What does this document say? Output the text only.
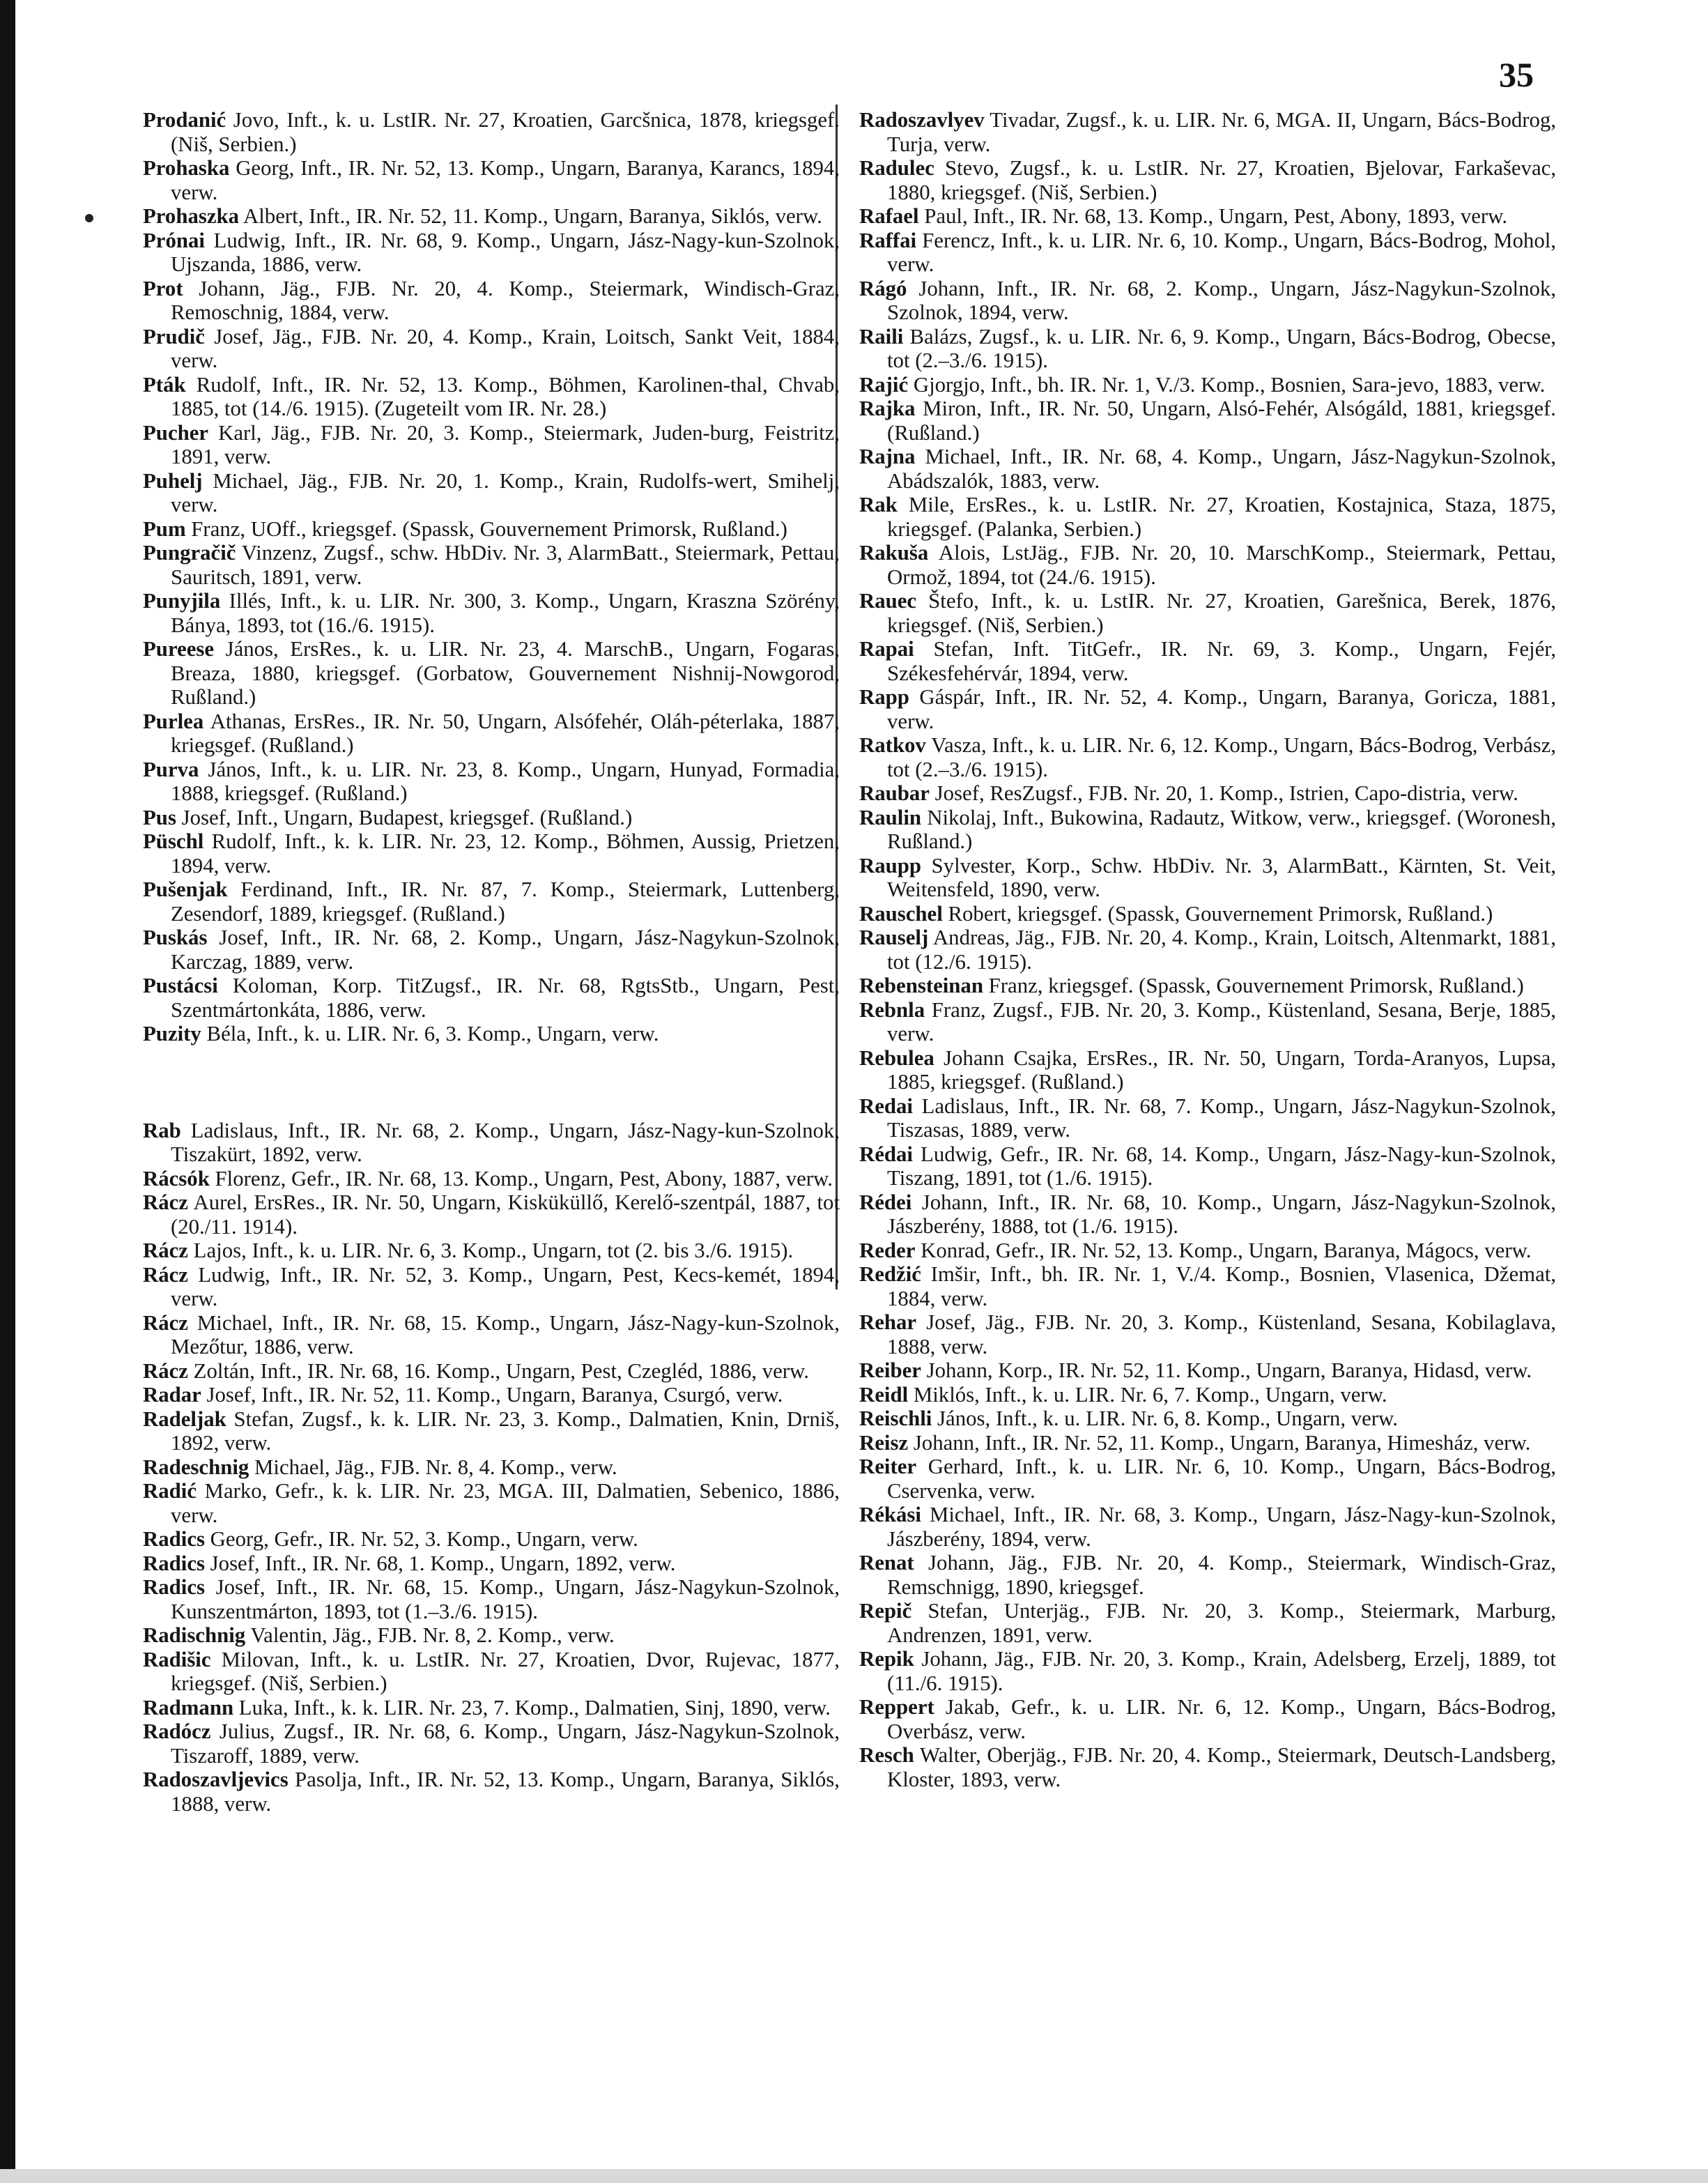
35
Prodanić Jovo, Inft., k. u. LstIR. Nr. 27, Kroatien, Garcšnica, 1878, kriegsgef. (Niš, Serbien.)
Prohaska Georg, Inft., IR. Nr. 52, 13. Komp., Ungarn, Baranya, Karancs, 1894, verw.
Prohaszka Albert, Inft., IR. Nr. 52, 11. Komp., Ungarn, Baranya, Siklós, verw.
Prónai Ludwig, Inft., IR. Nr. 68, 9. Komp., Ungarn, Jász-Nagy-kun-Szolnok, Ujszanda, 1886, verw.
Prot Johann, Jäg., FJB. Nr. 20, 4. Komp., Steiermark, Windisch-Graz, Remoschnig, 1884, verw.
Prudič Josef, Jäg., FJB. Nr. 20, 4. Komp., Krain, Loitsch, Sankt Veit, 1884, verw.
Pták Rudolf, Inft., IR. Nr. 52, 13. Komp., Böhmen, Karolinen-thal, Chvab, 1885, tot (14./6. 1915). (Zugeteilt vom IR. Nr. 28.)
Pucher Karl, Jäg., FJB. Nr. 20, 3. Komp., Steiermark, Juden-burg, Feistritz, 1891, verw.
Puhelj Michael, Jäg., FJB. Nr. 20, 1. Komp., Krain, Rudolfs-wert, Smihelj, verw.
Pum Franz, UOff., kriegsgef. (Spassk, Gouvernement Primorsk, Rußland.)
Pungračič Vinzenz, Zugsf., schw. HbDiv. Nr. 3, AlarmBatt., Steiermark, Pettau, Sauritsch, 1891, verw.
Punyjila Illés, Inft., k. u. LIR. Nr. 300, 3. Komp., Ungarn, Kraszna Szörény, Bánya, 1893, tot (16./6. 1915).
Pureese János, ErsRes., k. u. LIR. Nr. 23, 4. MarschB., Ungarn, Fogaras, Breaza, 1880, kriegsgef. (Gorbatow, Gouvernement Nishnij-Nowgorod, Rußland.)
Purlea Athanas, ErsRes., IR. Nr. 50, Ungarn, Alsófehér, Oláh-péterlaka, 1887, kriegsgef. (Rußland.)
Purva János, Inft., k. u. LIR. Nr. 23, 8. Komp., Ungarn, Hunyad, Formadia, 1888, kriegsgef. (Rußland.)
Pus Josef, Inft., Ungarn, Budapest, kriegsgef. (Rußland.)
Püschl Rudolf, Inft., k. k. LIR. Nr. 23, 12. Komp., Böhmen, Aussig, Prietzen, 1894, verw.
Pušenjak Ferdinand, Inft., IR. Nr. 87, 7. Komp., Steiermark, Luttenberg, Zesendorf, 1889, kriegsgef. (Rußland.)
Puskás Josef, Inft., IR. Nr. 68, 2. Komp., Ungarn, Jász-Nagykun-Szolnok, Karczag, 1889, verw.
Pustácsi Koloman, Korp. TitZugsf., IR. Nr. 68, RgtsStb., Ungarn, Pest, Szentmártonkáta, 1886, verw.
Puzity Béla, Inft., k. u. LIR. Nr. 6, 3. Komp., Ungarn, verw.
Rab Ladislaus, Inft., IR. Nr. 68, 2. Komp., Ungarn, Jász-Nagy-kun-Szolnok, Tiszakürt, 1892, verw.
Rácsók Florenz, Gefr., IR. Nr. 68, 13. Komp., Ungarn, Pest, Abony, 1887, verw.
Rácz Aurel, ErsRes., IR. Nr. 50, Ungarn, Kisküküllő, Kerelő-szentpál, 1887, tot (20./11. 1914).
Rácz Lajos, Inft., k. u. LIR. Nr. 6, 3. Komp., Ungarn, tot (2. bis 3./6. 1915).
Rácz Ludwig, Inft., IR. Nr. 52, 3. Komp., Ungarn, Pest, Kecs-kemét, 1894, verw.
Rácz Michael, Inft., IR. Nr. 68, 15. Komp., Ungarn, Jász-Nagy-kun-Szolnok, Mezőtur, 1886, verw.
Rácz Zoltán, Inft., IR. Nr. 68, 16. Komp., Ungarn, Pest, Czegléd, 1886, verw.
Radar Josef, Inft., IR. Nr. 52, 11. Komp., Ungarn, Baranya, Csurgó, verw.
Radeljak Stefan, Zugsf., k. k. LIR. Nr. 23, 3. Komp., Dalmatien, Knin, Drniš, 1892, verw.
Radeschnig Michael, Jäg., FJB. Nr. 8, 4. Komp., verw.
Radić Marko, Gefr., k. k. LIR. Nr. 23, MGA. III, Dalmatien, Sebenico, 1886, verw.
Radics Georg, Gefr., IR. Nr. 52, 3. Komp., Ungarn, verw.
Radics Josef, Inft., IR. Nr. 68, 1. Komp., Ungarn, 1892, verw.
Radics Josef, Inft., IR. Nr. 68, 15. Komp., Ungarn, Jász-Nagykun-Szolnok, Kunszentmárton, 1893, tot (1.–3./6. 1915).
Radischnig Valentin, Jäg., FJB. Nr. 8, 2. Komp., verw.
Radišic Milovan, Inft., k. u. LstIR. Nr. 27, Kroatien, Dvor, Rujevac, 1877, kriegsgef. (Niš, Serbien.)
Radmann Luka, Inft., k. k. LIR. Nr. 23, 7. Komp., Dalmatien, Sinj, 1890, verw.
Radócz Julius, Zugsf., IR. Nr. 68, 6. Komp., Ungarn, Jász-Nagykun-Szolnok, Tiszaroff, 1889, verw.
Radoszavljevics Pasolja, Inft., IR. Nr. 52, 13. Komp., Ungarn, Baranya, Siklós, 1888, verw.
Radoszavlyev Tivadar, Zugsf., k. u. LIR. Nr. 6, MGA. II, Ungarn, Bács-Bodrog, Turja, verw.
Radulec Stevo, Zugsf., k. u. LstIR. Nr. 27, Kroatien, Bjelovar, Farkaševac, 1880, kriegsgef. (Niš, Serbien.)
Rafael Paul, Inft., IR. Nr. 68, 13. Komp., Ungarn, Pest, Abony, 1893, verw.
Raffai Ferencz, Inft., k. u. LIR. Nr. 6, 10. Komp., Ungarn, Bács-Bodrog, Mohol, verw.
Rágó Johann, Inft., IR. Nr. 68, 2. Komp., Ungarn, Jász-Nagykun-Szolnok, Szolnok, 1894, verw.
Raili Balázs, Zugsf., k. u. LIR. Nr. 6, 9. Komp., Ungarn, Bács-Bodrog, Obecse, tot (2.–3./6. 1915).
Rajić Gjorgjo, Inft., bh. IR. Nr. 1, V./3. Komp., Bosnien, Sara-jevo, 1883, verw.
Rajka Miron, Inft., IR. Nr. 50, Ungarn, Alsó-Fehér, Alsógáld, 1881, kriegsgef. (Rußland.)
Rajna Michael, Inft., IR. Nr. 68, 4. Komp., Ungarn, Jász-Nagykun-Szolnok, Abádszalók, 1883, verw.
Rak Mile, ErsRes., k. u. LstIR. Nr. 27, Kroatien, Kostajnica, Staza, 1875, kriegsgef. (Palanka, Serbien.)
Rakuša Alois, LstJäg., FJB. Nr. 20, 10. MarschKomp., Steiermark, Pettau, Ormož, 1894, tot (24./6. 1915).
Rauec Štefo, Inft., k. u. LstIR. Nr. 27, Kroatien, Garešnica, Berek, 1876, kriegsgef. (Niš, Serbien.)
Rapai Stefan, Inft. TitGefr., IR. Nr. 69, 3. Komp., Ungarn, Fejér, Székesfehérvár, 1894, verw.
Rapp Gáspár, Inft., IR. Nr. 52, 4. Komp., Ungarn, Baranya, Goricza, 1881, verw.
Ratkov Vasza, Inft., k. u. LIR. Nr. 6, 12. Komp., Ungarn, Bács-Bodrog, Verbász, tot (2.–3./6. 1915).
Raubar Josef, ResZugsf., FJB. Nr. 20, 1. Komp., Istrien, Capo-distria, verw.
Raulin Nikolaj, Inft., Bukowina, Radautz, Witkow, verw., kriegsgef. (Woronesh, Rußland.)
Raupp Sylvester, Korp., Schw. HbDiv. Nr. 3, AlarmBatt., Kärnten, St. Veit, Weitensfeld, 1890, verw.
Rauschel Robert, kriegsgef. (Spassk, Gouvernement Primorsk, Rußland.)
Rauselj Andreas, Jäg., FJB. Nr. 20, 4. Komp., Krain, Loitsch, Altenmarkt, 1881, tot (12./6. 1915).
Rebensteinan Franz, kriegsgef. (Spassk, Gouvernement Primorsk, Rußland.)
Rebnla Franz, Zugsf., FJB. Nr. 20, 3. Komp., Küstenland, Sesana, Berje, 1885, verw.
Rebulea Johann Csajka, ErsRes., IR. Nr. 50, Ungarn, Torda-Aranyos, Lupsa, 1885, kriegsgef. (Rußland.)
Redai Ladislaus, Inft., IR. Nr. 68, 7. Komp., Ungarn, Jász-Nagykun-Szolnok, Tiszasas, 1889, verw.
Rédai Ludwig, Gefr., IR. Nr. 68, 14. Komp., Ungarn, Jász-Nagy-kun-Szolnok, Tiszang, 1891, tot (1./6. 1915).
Rédei Johann, Inft., IR. Nr. 68, 10. Komp., Ungarn, Jász-Nagykun-Szolnok, Jászberény, 1888, tot (1./6. 1915).
Reder Konrad, Gefr., IR. Nr. 52, 13. Komp., Ungarn, Baranya, Mágocs, verw.
Redžić Imšir, Inft., bh. IR. Nr. 1, V./4. Komp., Bosnien, Vlasenica, Džemat, 1884, verw.
Rehar Josef, Jäg., FJB. Nr. 20, 3. Komp., Küstenland, Sesana, Kobilaglava, 1888, verw.
Reiber Johann, Korp., IR. Nr. 52, 11. Komp., Ungarn, Baranya, Hidasd, verw.
Reidl Miklós, Inft., k. u. LIR. Nr. 6, 7. Komp., Ungarn, verw.
Reischli János, Inft., k. u. LIR. Nr. 6, 8. Komp., Ungarn, verw.
Reisz Johann, Inft., IR. Nr. 52, 11. Komp., Ungarn, Baranya, Himesház, verw.
Reiter Gerhard, Inft., k. u. LIR. Nr. 6, 10. Komp., Ungarn, Bács-Bodrog, Cservenka, verw.
Rékási Michael, Inft., IR. Nr. 68, 3. Komp., Ungarn, Jász-Nagy-kun-Szolnok, Jászberény, 1894, verw.
Renat Johann, Jäg., FJB. Nr. 20, 4. Komp., Steiermark, Windisch-Graz, Remschnigg, 1890, kriegsgef.
Repič Stefan, Unterjäg., FJB. Nr. 20, 3. Komp., Steiermark, Marburg, Andrenzen, 1891, verw.
Repik Johann, Jäg., FJB. Nr. 20, 3. Komp., Krain, Adelsberg, Erzelj, 1889, tot (11./6. 1915).
Reppert Jakab, Gefr., k. u. LIR. Nr. 6, 12. Komp., Ungarn, Bács-Bodrog, Overbász, verw.
Resch Walter, Oberjäg., FJB. Nr. 20, 4. Komp., Steiermark, Deutsch-Landsberg, Kloster, 1893, verw.
